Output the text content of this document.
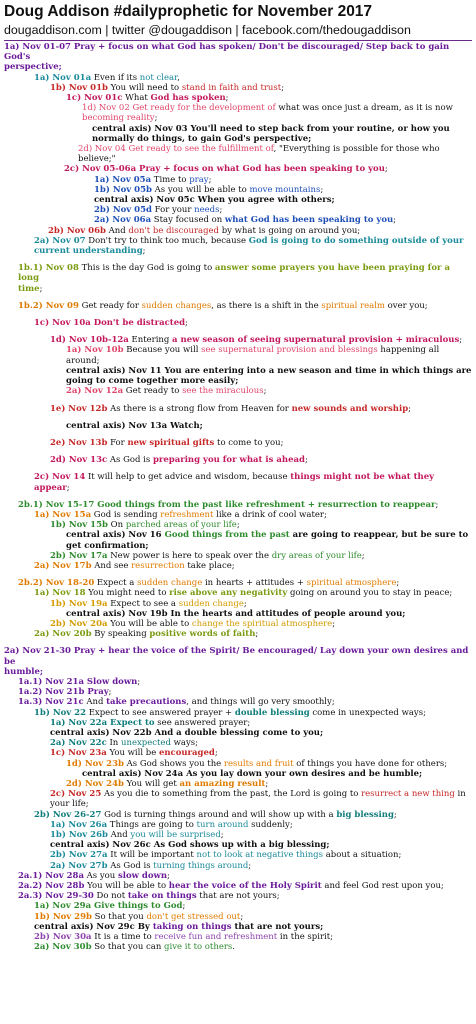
Doug Addison #dailyprophetic for November 2017
dougaddison.com | twitter @dougaddison | facebook.com/thedougaddison
1a) Nov 01-07 Pray + focus on what God has spoken/ Don't be discouraged/ Step back to gain God's
perspective;
1a) Nov 01a Even if its not clear,
1b) Nov 01b You will need to stand in faith and trust;
1c) Nov 01c What God has spoken;
1d) Nov 02 Get ready for the development of what was once just a dream, as it is now
becoming reality;
central axis) Nov 03 You'll need to step back from your routine, or how you
normally do things, to gain God's perspective;
2d) Nov 04 Get ready to see the fulfillment of, "Everything is possible for those who
believe;"
2c) Nov 05-06a Pray + focus on what God has been speaking to you;
1a) Nov 05a Time to pray;
1b) Nov 05b As you will be able to move mountains;
central axis) Nov 05c When you agree with others;
2b) Nov 05d For your needs;
2a) Nov 06a Stay focused on what God has been speaking to you;
2b) Nov 06b And don't be discouraged by what is going on around you;
2a) Nov 07 Don't try to think too much, because God is going to do something outside of your
current understanding;
1b.1) Nov 08 This is the day God is going to answer some prayers you have been praying for a long
time;
1b.2) Nov 09 Get ready for sudden changes, as there is a shift in the spiritual realm over you;
1c) Nov 10a Don't be distracted;
1d) Nov 10b-12a Entering a new season of seeing supernatural provision + miraculous;
1a) Nov 10b Because you will see supernatural provision and blessings happening all
around;
central axis) Nov 11 You are entering into a new season and time in which things are
going to come together more easily;
2a) Nov 12a Get ready to see the miraculous;
1e) Nov 12b As there is a strong flow from Heaven for new sounds and worship;
central axis) Nov 13a Watch;
2e) Nov 13b For new spiritual gifts to come to you;
2d) Nov 13c As God is preparing you for what is ahead;
2c) Nov 14 It will help to get advice and wisdom, because things might not be what they appear;
2b.1) Nov 15-17 Good things from the past like refreshment + resurrection to reappear;
1a) Nov 15a God is sending refreshment like a drink of cool water;
1b) Nov 15b On parched areas of your life;
central axis) Nov 16 Good things from the past are going to reappear, but be sure to
get confirmation;
2b) Nov 17a New power is here to speak over the dry areas of your life;
2a) Nov 17b And see resurrection take place;
2b.2) Nov 18-20 Expect a sudden change in hearts + attitudes + spiritual atmosphere;
1a) Nov 18 You might need to rise above any negativity going on around you to stay in peace;
1b) Nov 19a Expect to see a sudden change;
central axis) Nov 19b In the hearts and attitudes of people around you;
2b) Nov 20a You will be able to change the spiritual atmosphere;
2a) Nov 20b By speaking positive words of faith;
2a) Nov 21-30 Pray + hear the voice of the Spirit/ Be encouraged/ Lay down your own desires and be
humble;
1a.1) Nov 21a Slow down;
1a.2) Nov 21b Pray;
1a.3) Nov 21c And take precautions, and things will go very smoothly;
1b) Nov 22 Expect to see answered prayer + double blessing come in unexpected ways;
1a) Nov 22a Expect to see answered prayer;
central axis) Nov 22b And a double blessing come to you;
2a) Nov 22c In unexpected ways;
1c) Nov 23a You will be encouraged;
1d) Nov 23b As God shows you the results and fruit of things you have done for others;
central axis) Nov 24a As you lay down your own desires and be humble;
2d) Nov 24b You will get an amazing result;
2c) Nov 25 As you die to something from the past, the Lord is going to resurrect a new thing in
your life;
2b) Nov 26-27 God is turning things around and will show up with a big blessing;
1a) Nov 26a Things are going to turn around suddenly;
1b) Nov 26b And you will be surprised;
central axis) Nov 26c As God shows up with a big blessing;
2b) Nov 27a It will be important not to look at negative things about a situation;
2a) Nov 27b As God is turning things around;
2a.1) Nov 28a As you slow down;
2a.2) Nov 28b You will be able to hear the voice of the Holy Spirit and feel God rest upon you;
2a.3) Nov 29-30 Do not take on things that are not yours;
1a) Nov 29a Give things to God;
1b) Nov 29b So that you don't get stressed out;
central axis) Nov 29c By taking on things that are not yours;
2b) Nov 30a It is a time to receive fun and refreshment in the spirit;
2a) Nov 30b So that you can give it to others.
